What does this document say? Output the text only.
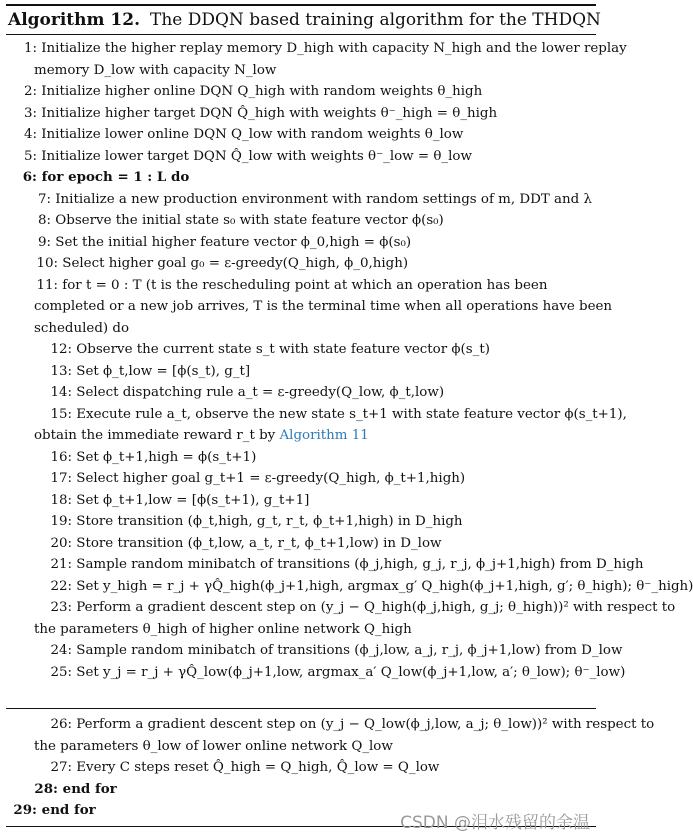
Algorithm 12. The DDQN based training algorithm for the THDQN
1: Initialize the higher replay memory D_high with capacity N_high and the lower replay
memory D_low with capacity N_low
2: Initialize higher online DQN Q_high with random weights θ_high
3: Initialize higher target DQN Q̂_high with weights θ⁻_high = θ_high
4: Initialize lower online DQN Q_low with random weights θ_low
5: Initialize lower target DQN Q̂_low with weights θ⁻_low = θ_low
6: for epoch = 1 : L do
7: Initialize a new production environment with random settings of m, DDT and λ
8: Observe the initial state s₀ with state feature vector ϕ(s₀)
9: Set the initial higher feature vector ϕ_0,high = ϕ(s₀)
10: Select higher goal g₀ = ε-greedy(Q_high, ϕ_0,high)
11: for t = 0 : T (t is the rescheduling point at which an operation has been
completed or a new job arrives, T is the terminal time when all operations have been
scheduled) do
12: Observe the current state s_t with state feature vector ϕ(s_t)
13: Set ϕ_t,low = [ϕ(s_t), g_t]
14: Select dispatching rule a_t = ε-greedy(Q_low, ϕ_t,low)
15: Execute rule a_t, observe the new state s_t+1 with state feature vector ϕ(s_t+1),
obtain the immediate reward r_t by Algorithm 11
16: Set ϕ_t+1,high = ϕ(s_t+1)
17: Select higher goal g_t+1 = ε-greedy(Q_high, ϕ_t+1,high)
18: Set ϕ_t+1,low = [ϕ(s_t+1), g_t+1]
19: Store transition (ϕ_t,high, g_t, r_t, ϕ_t+1,high) in D_high
20: Store transition (ϕ_t,low, a_t, r_t, ϕ_t+1,low) in D_low
21: Sample random minibatch of transitions (ϕ_j,high, g_j, r_j, ϕ_j+1,high) from D_high
22: Set y_high = r_j + γQ̂_high(ϕ_j+1,high, argmax_g′ Q_high(ϕ_j+1,high, g′; θ_high); θ⁻_high)
23: Perform a gradient descent step on (y_j − Q_high(ϕ_j,high, g_j; θ_high))² with respect to
the parameters θ_high of higher online network Q_high
24: Sample random minibatch of transitions (ϕ_j,low, a_j, r_j, ϕ_j+1,low) from D_low
25: Set y_j = r_j + γQ̂_low(ϕ_j+1,low, argmax_a′ Q_low(ϕ_j+1,low, a′; θ_low); θ⁻_low)
26: Perform a gradient descent step on (y_j − Q_low(ϕ_j,low, a_j; θ_low))² with respect to
the parameters θ_low of lower online network Q_low
27: Every C steps reset Q̂_high = Q_high, Q̂_low = Q_low
28: end for
29: end for
CSDN @泪水残留的余温
